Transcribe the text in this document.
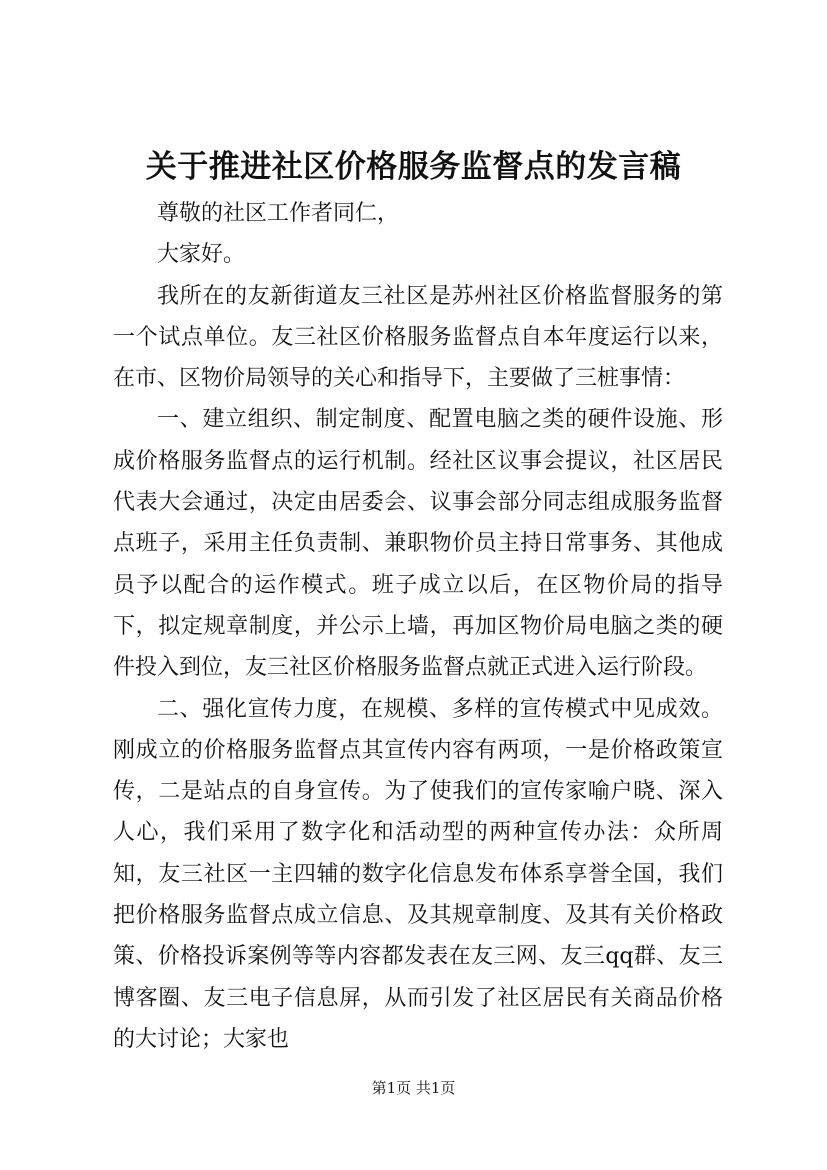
关于推进社区价格服务监督点的发言稿

尊敬的社区工作者同仁，

大家好。

我所在的友新街道友三社区是苏州社区价格监督服务的第一个试点单位。友三社区价格服务监督点自本年度运行以来，在市、区物价局领导的关心和指导下，主要做了三桩事情：

一、建立组织、制定制度、配置电脑之类的硬件设施、形成价格服务监督点的运行机制。经社区议事会提议，社区居民代表大会通过，决定由居委会、议事会部分同志组成服务监督点班子，采用主任负责制、兼职物价员主持日常事务、其他成员予以配合的运作模式。班子成立以后，在区物价局的指导下，拟定规章制度，并公示上墙，再加区物价局电脑之类的硬件投入到位，友三社区价格服务监督点就正式进入运行阶段。

二、强化宣传力度，在规模、多样的宣传模式中见成效。刚成立的价格服务监督点其宣传内容有两项，一是价格政策宣传，二是站点的自身宣传。为了使我们的宣传家喻户晓、深入人心，我们采用了数字化和活动型的两种宣传办法：众所周知，友三社区一主四辅的数字化信息发布体系享誉全国，我们把价格服务监督点成立信息、及其规章制度、及其有关价格政策、价格投诉案例等等内容都发表在友三网、友三qq群、友三博客圈、友三电子信息屏，从而引发了社区居民有关商品价格的大讨论；大家也

第1页 共1页
